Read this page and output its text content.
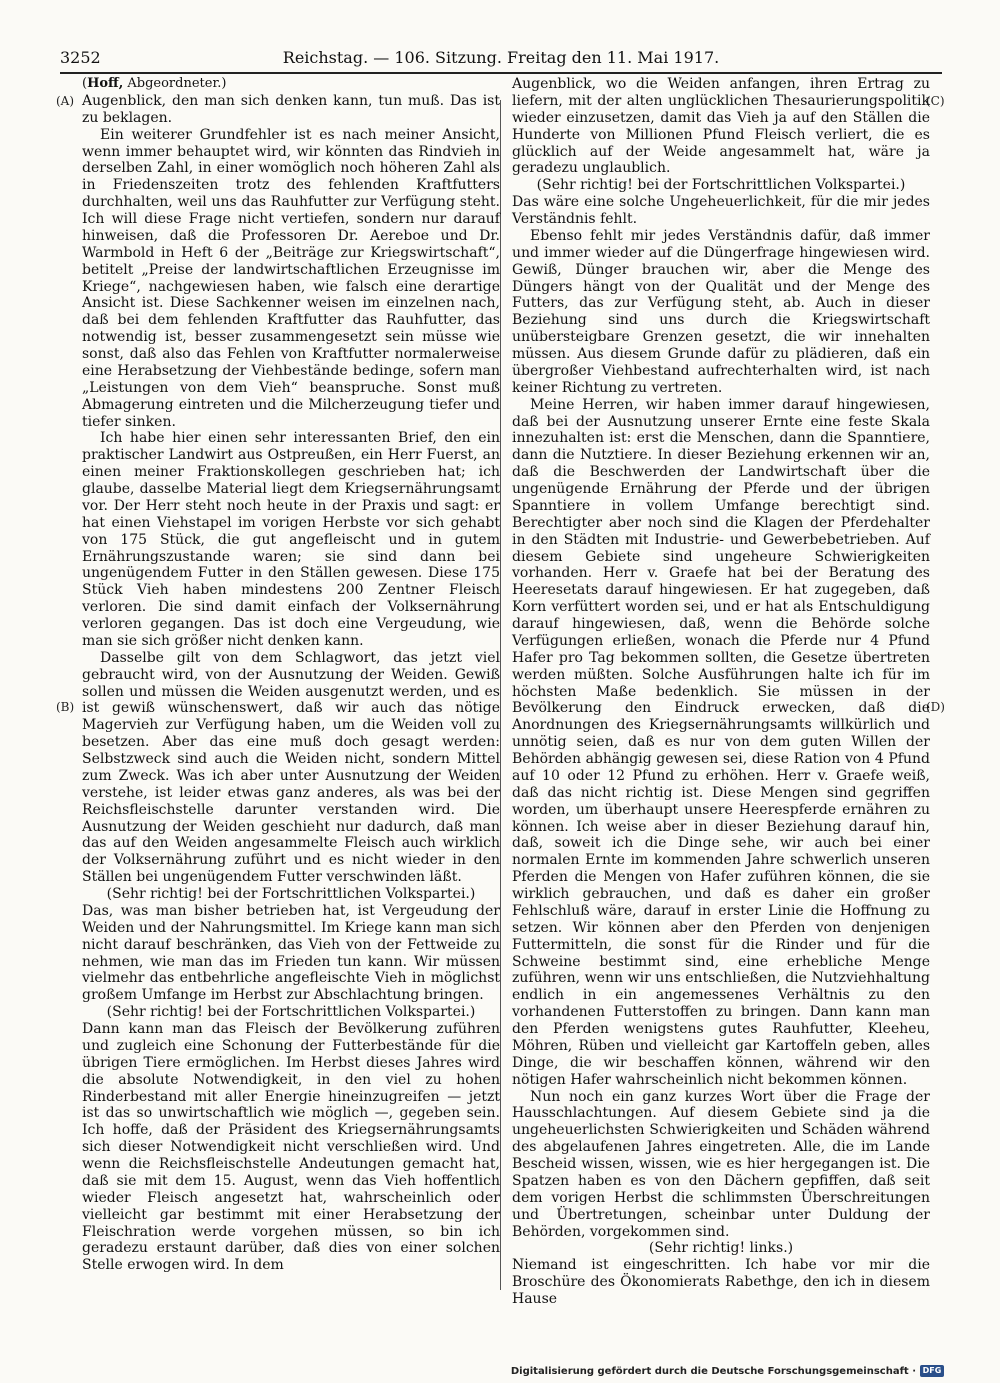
3252	Reichstag. — 106. Sitzung. Freitag den 11. Mai 1917.
(A)
(B)
(C)
(D)

(Hoff, Abgeordneter.)

Augenblick, den man sich denken kann, tun muß. Das ist zu beklagen.

Ein weiterer Grundfehler ist es nach meiner Ansicht, wenn immer behauptet wird, wir könnten das Rindvieh in derselben Zahl, in einer womöglich noch höheren Zahl als in Friedenszeiten trotz des fehlenden Kraftfutters durchhalten, weil uns das Rauhfutter zur Verfügung steht. Ich will diese Frage nicht vertiefen, sondern nur darauf hinweisen, daß die Professoren Dr. Aereboe und Dr. Warmbold in Heft 6 der „Beiträge zur Kriegswirtschaft“, betitelt „Preise der landwirtschaftlichen Erzeugnisse im Kriege“, nachgewiesen haben, wie falsch eine derartige Ansicht ist. Diese Sachkenner weisen im einzelnen nach, daß bei dem fehlenden Kraftfutter das Rauhfutter, das notwendig ist, besser zusammengesetzt sein müsse wie sonst, daß also das Fehlen von Kraftfutter normalerweise eine Herabsetzung der Viehbestände bedinge, sofern man „Leistungen von dem Vieh“ beanspruche. Sonst muß Abmagerung eintreten und die Milcherzeugung tiefer und tiefer sinken.

Ich habe hier einen sehr interessanten Brief, den ein praktischer Landwirt aus Ostpreußen, ein Herr Fuerst, an einen meiner Fraktionskollegen geschrieben hat; ich glaube, dasselbe Material liegt dem Kriegsernährungsamt vor. Der Herr steht noch heute in der Praxis und sagt: er hat einen Viehstapel im vorigen Herbste vor sich gehabt von 175 Stück, die gut angefleischt und in gutem Ernährungszustande waren; sie sind dann bei ungenügendem Futter in den Ställen gewesen. Diese 175 Stück Vieh haben mindestens 200 Zentner Fleisch verloren. Die sind damit einfach der Volksernährung verloren gegangen. Das ist doch eine Vergeudung, wie man sie sich größer nicht denken kann.

Dasselbe gilt von dem Schlagwort, das jetzt viel gebraucht wird, von der Ausnutzung der Weiden. Gewiß sollen und müssen die Weiden ausgenutzt werden, und es ist gewiß wünschenswert, daß wir auch das nötige Magervieh zur Verfügung haben, um die Weiden voll zu besetzen. Aber das eine muß doch gesagt werden: Selbstzweck sind auch die Weiden nicht, sondern Mittel zum Zweck. Was ich aber unter Ausnutzung der Weiden verstehe, ist leider etwas ganz anderes, als was bei der Reichsfleischstelle darunter verstanden wird. Die Ausnutzung der Weiden geschieht nur dadurch, daß man das auf den Weiden angesammelte Fleisch auch wirklich der Volksernährung zuführt und es nicht wieder in den Ställen bei ungenügendem Futter verschwinden läßt.

(Sehr richtig! bei der Fortschrittlichen Volkspartei.)

Das, was man bisher betrieben hat, ist Vergeudung der Weiden und der Nahrungsmittel. Im Kriege kann man sich nicht darauf beschränken, das Vieh von der Fettweide zu nehmen, wie man das im Frieden tun kann. Wir müssen vielmehr das entbehrliche angefleischte Vieh in möglichst großem Umfange im Herbst zur Abschlachtung bringen.

(Sehr richtig! bei der Fortschrittlichen Volkspartei.)

Dann kann man das Fleisch der Bevölkerung zuführen und zugleich eine Schonung der Futterbestände für die übrigen Tiere ermöglichen. Im Herbst dieses Jahres wird die absolute Notwendigkeit, in den viel zu hohen Rinderbestand mit aller Energie hineinzugreifen — jetzt ist das so unwirtschaftlich wie möglich —, gegeben sein. Ich hoffe, daß der Präsident des Kriegsernährungsamts sich dieser Notwendigkeit nicht verschließen wird. Und wenn die Reichsfleischstelle Andeutungen gemacht hat, daß sie mit dem 15. August, wenn das Vieh hoffentlich wieder Fleisch angesetzt hat, wahrscheinlich oder vielleicht gar bestimmt mit einer Herabsetzung der Fleischration werde vorgehen müssen, so bin ich geradezu erstaunt darüber, daß dies von einer solchen Stelle erwogen wird. In dem

Augenblick, wo die Weiden anfangen, ihren Ertrag zu liefern, mit der alten unglücklichen Thesaurierungspolitik wieder einzusetzen, damit das Vieh ja auf den Ställen die Hunderte von Millionen Pfund Fleisch verliert, die es glücklich auf der Weide angesammelt hat, wäre ja geradezu unglaublich.

(Sehr richtig! bei der Fortschrittlichen Volkspartei.)

Das wäre eine solche Ungeheuerlichkeit, für die mir jedes Verständnis fehlt.

Ebenso fehlt mir jedes Verständnis dafür, daß immer und immer wieder auf die Düngerfrage hingewiesen wird. Gewiß, Dünger brauchen wir, aber die Menge des Düngers hängt von der Qualität und der Menge des Futters, das zur Verfügung steht, ab. Auch in dieser Beziehung sind uns durch die Kriegswirtschaft unübersteigbare Grenzen gesetzt, die wir innehalten müssen. Aus diesem Grunde dafür zu plädieren, daß ein übergroßer Viehbestand aufrechterhalten wird, ist nach keiner Richtung zu vertreten.

Meine Herren, wir haben immer darauf hingewiesen, daß bei der Ausnutzung unserer Ernte eine feste Skala innezuhalten ist: erst die Menschen, dann die Spanntiere, dann die Nutztiere. In dieser Beziehung erkennen wir an, daß die Beschwerden der Landwirtschaft über die ungenügende Ernährung der Pferde und der übrigen Spanntiere in vollem Umfange berechtigt sind. Berechtigter aber noch sind die Klagen der Pferdehalter in den Städten mit Industrie- und Gewerbebetrieben. Auf diesem Gebiete sind ungeheure Schwierigkeiten vorhanden. Herr v. Graefe hat bei der Beratung des Heeresetats darauf hingewiesen. Er hat zugegeben, daß Korn verfüttert worden sei, und er hat als Entschuldigung darauf hingewiesen, daß, wenn die Behörde solche Verfügungen erließen, wonach die Pferde nur 4 Pfund Hafer pro Tag bekommen sollten, die Gesetze übertreten werden müßten. Solche Ausführungen halte ich für im höchsten Maße bedenklich. Sie müssen in der Bevölkerung den Eindruck erwecken, daß die Anordnungen des Kriegsernährungsamts willkürlich und unnötig seien, daß es nur von dem guten Willen der Behörden abhängig gewesen sei, diese Ration von 4 Pfund auf 10 oder 12 Pfund zu erhöhen. Herr v. Graefe weiß, daß das nicht richtig ist. Diese Mengen sind gegriffen worden, um überhaupt unsere Heerespferde ernähren zu können. Ich weise aber in dieser Beziehung darauf hin, daß, soweit ich die Dinge sehe, wir auch bei einer normalen Ernte im kommenden Jahre schwerlich unseren Pferden die Mengen von Hafer zuführen können, die sie wirklich gebrauchen, und daß es daher ein großer Fehlschluß wäre, darauf in erster Linie die Hoffnung zu setzen. Wir können aber den Pferden von denjenigen Futtermitteln, die sonst für die Rinder und für die Schweine bestimmt sind, eine erhebliche Menge zuführen, wenn wir uns entschließen, die Nutzviehhaltung endlich in ein angemessenes Verhältnis zu den vorhandenen Futterstoffen zu bringen. Dann kann man den Pferden wenigstens gutes Rauhfutter, Kleeheu, Möhren, Rüben und vielleicht gar Kartoffeln geben, alles Dinge, die wir beschaffen können, während wir den nötigen Hafer wahrscheinlich nicht bekommen können.

Nun noch ein ganz kurzes Wort über die Frage der Hausschlachtungen. Auf diesem Gebiete sind ja die ungeheuerlichsten Schwierigkeiten und Schäden während des abgelaufenen Jahres eingetreten. Alle, die im Lande Bescheid wissen, wissen, wie es hier hergegangen ist. Die Spatzen haben es von den Dächern gepfiffen, daß seit dem vorigen Herbst die schlimmsten Überschreitungen und Übertretungen, scheinbar unter Duldung der Behörden, vorgekommen sind.

(Sehr richtig! links.)

Niemand ist eingeschritten. Ich habe vor mir die Broschüre des Ökonomierats Rabethge, den ich in diesem Hause

Digitalisierung gefördert durch die Deutsche Forschungsgemeinschaft · DFG
